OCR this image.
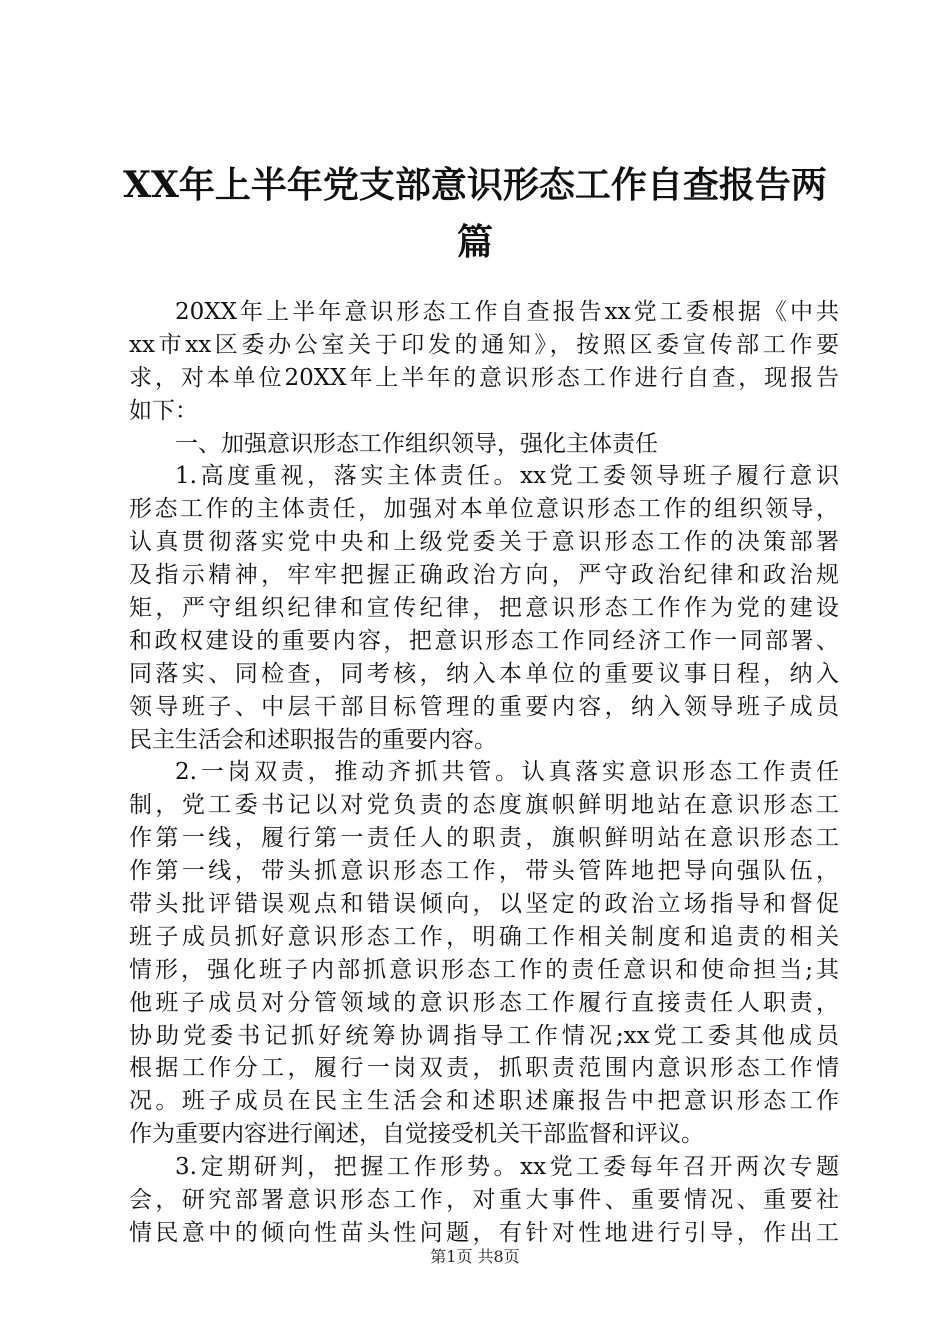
XX年上半年党支部意识形态工作自查报告两
篇
20XX年上半年意识形态工作自查报告xx党工委根据《中共
xx市xx区委办公室关于印发的通知》，按照区委宣传部工作要
求，对本单位20XX年上半年的意识形态工作进行自查，现报告
如下：
一、加强意识形态工作组织领导，强化主体责任
1.高度重视，落实主体责任。xx党工委领导班子履行意识
形态工作的主体责任，加强对本单位意识形态工作的组织领导，
认真贯彻落实党中央和上级党委关于意识形态工作的决策部署
及指示精神，牢牢把握正确政治方向，严守政治纪律和政治规
矩，严守组织纪律和宣传纪律，把意识形态工作作为党的建设
和政权建设的重要内容，把意识形态工作同经济工作一同部署、
同落实、同检查，同考核，纳入本单位的重要议事日程，纳入
领导班子、中层干部目标管理的重要内容，纳入领导班子成员
民主生活会和述职报告的重要内容。
2.一岗双责，推动齐抓共管。认真落实意识形态工作责任
制，党工委书记以对党负责的态度旗帜鲜明地站在意识形态工
作第一线，履行第一责任人的职责，旗帜鲜明站在意识形态工
作第一线，带头抓意识形态工作，带头管阵地把导向强队伍，
带头批评错误观点和错误倾向，以坚定的政治立场指导和督促
班子成员抓好意识形态工作，明确工作相关制度和追责的相关
情形，强化班子内部抓意识形态工作的责任意识和使命担当;其
他班子成员对分管领域的意识形态工作履行直接责任人职责，
协助党委书记抓好统筹协调指导工作情况;xx党工委其他成员
根据工作分工，履行一岗双责，抓职责范围内意识形态工作情
况。班子成员在民主生活会和述职述廉报告中把意识形态工作
作为重要内容进行阐述，自觉接受机关干部监督和评议。
3.定期研判，把握工作形势。xx党工委每年召开两次专题
会，研究部署意识形态工作，对重大事件、重要情况、重要社
情民意中的倾向性苗头性问题，有针对性地进行引导，作出工
第1页 共8页
